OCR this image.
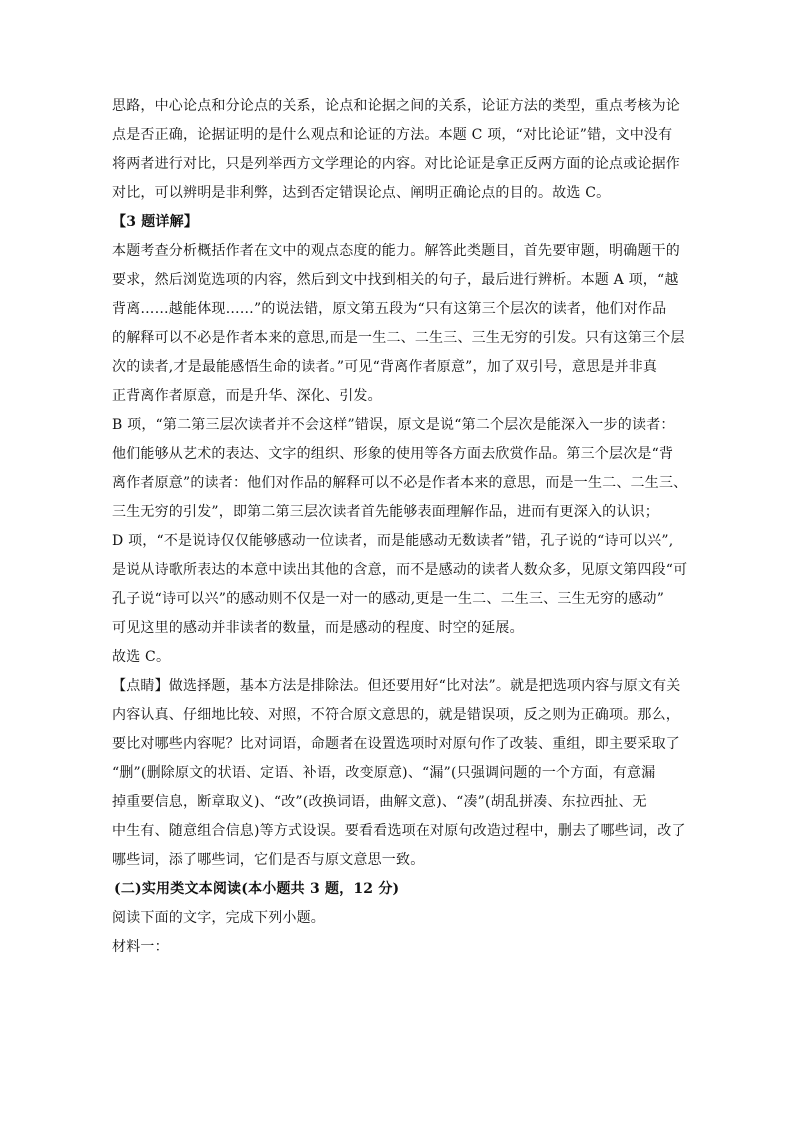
思路，中心论点和分论点的关系，论点和论据之间的关系，论证方法的类型，重点考核为论
点是否正确，论据证明的是什么观点和论证的方法。本题 C 项，“对比论证”错，文中没有
将两者进行对比，只是列举西方文学理论的内容。对比论证是拿正反两方面的论点或论据作
对比，可以辨明是非利弊，达到否定错误论点、阐明正确论点的目的。故选 C。
【3 题详解】
本题考查分析概括作者在文中的观点态度的能力。解答此类题目，首先要审题，明确题干的
要求，然后浏览选项的内容，然后到文中找到相关的句子，最后进行辨析。本题 A 项，“越
背离……越能体现……”的说法错，原文第五段为“只有这第三个层次的读者，他们对作品
的解释可以不必是作者本来的意思,而是一生二、二生三、三生无穷的引发。只有这第三个层
次的读者,才是最能感悟生命的读者。”可见“背离作者原意”，加了双引号，意思是并非真
正背离作者原意，而是升华、深化、引发。
B 项，“第二第三层次读者并不会这样”错误，原文是说“第二个层次是能深入一步的读者：
他们能够从艺术的表达、文字的组织、形象的使用等各方面去欣赏作品。第三个层次是“背
离作者原意”的读者：他们对作品的解释可以不必是作者本来的意思，而是一生二、二生三、
三生无穷的引发”，即第二第三层次读者首先能够表面理解作品，进而有更深入的认识；
D 项，“不是说诗仅仅能够感动一位读者，而是能感动无数读者”错，孔子说的“诗可以兴”,
是说从诗歌所表达的本意中读出其他的含意，而不是感动的读者人数众多，见原文第四段“可
孔子说“诗可以兴”的感动则不仅是一对一的感动,更是一生二、二生三、三生无穷的感动”
可见这里的感动并非读者的数量，而是感动的程度、时空的延展。
故选 C。
【点睛】做选择题，基本方法是排除法。但还要用好“比对法”。就是把选项内容与原文有关
内容认真、仔细地比较、对照，不符合原文意思的，就是错误项，反之则为正确项。那么，
要比对哪些内容呢？比对词语，命题者在设置选项时对原句作了改装、重组，即主要采取了
“删”(删除原文的状语、定语、补语，改变原意)、“漏”(只强调问题的一个方面，有意漏
掉重要信息，断章取义)、“改”(改换词语，曲解文意)、“凑”(胡乱拼凑、东拉西扯、无
中生有、随意组合信息)等方式设误。要看看选项在对原句改造过程中，删去了哪些词，改了
哪些词，添了哪些词，它们是否与原文意思一致。
(二)实用类文本阅读(本小题共 3 题，12 分)
阅读下面的文字，完成下列小题。
材料一：
